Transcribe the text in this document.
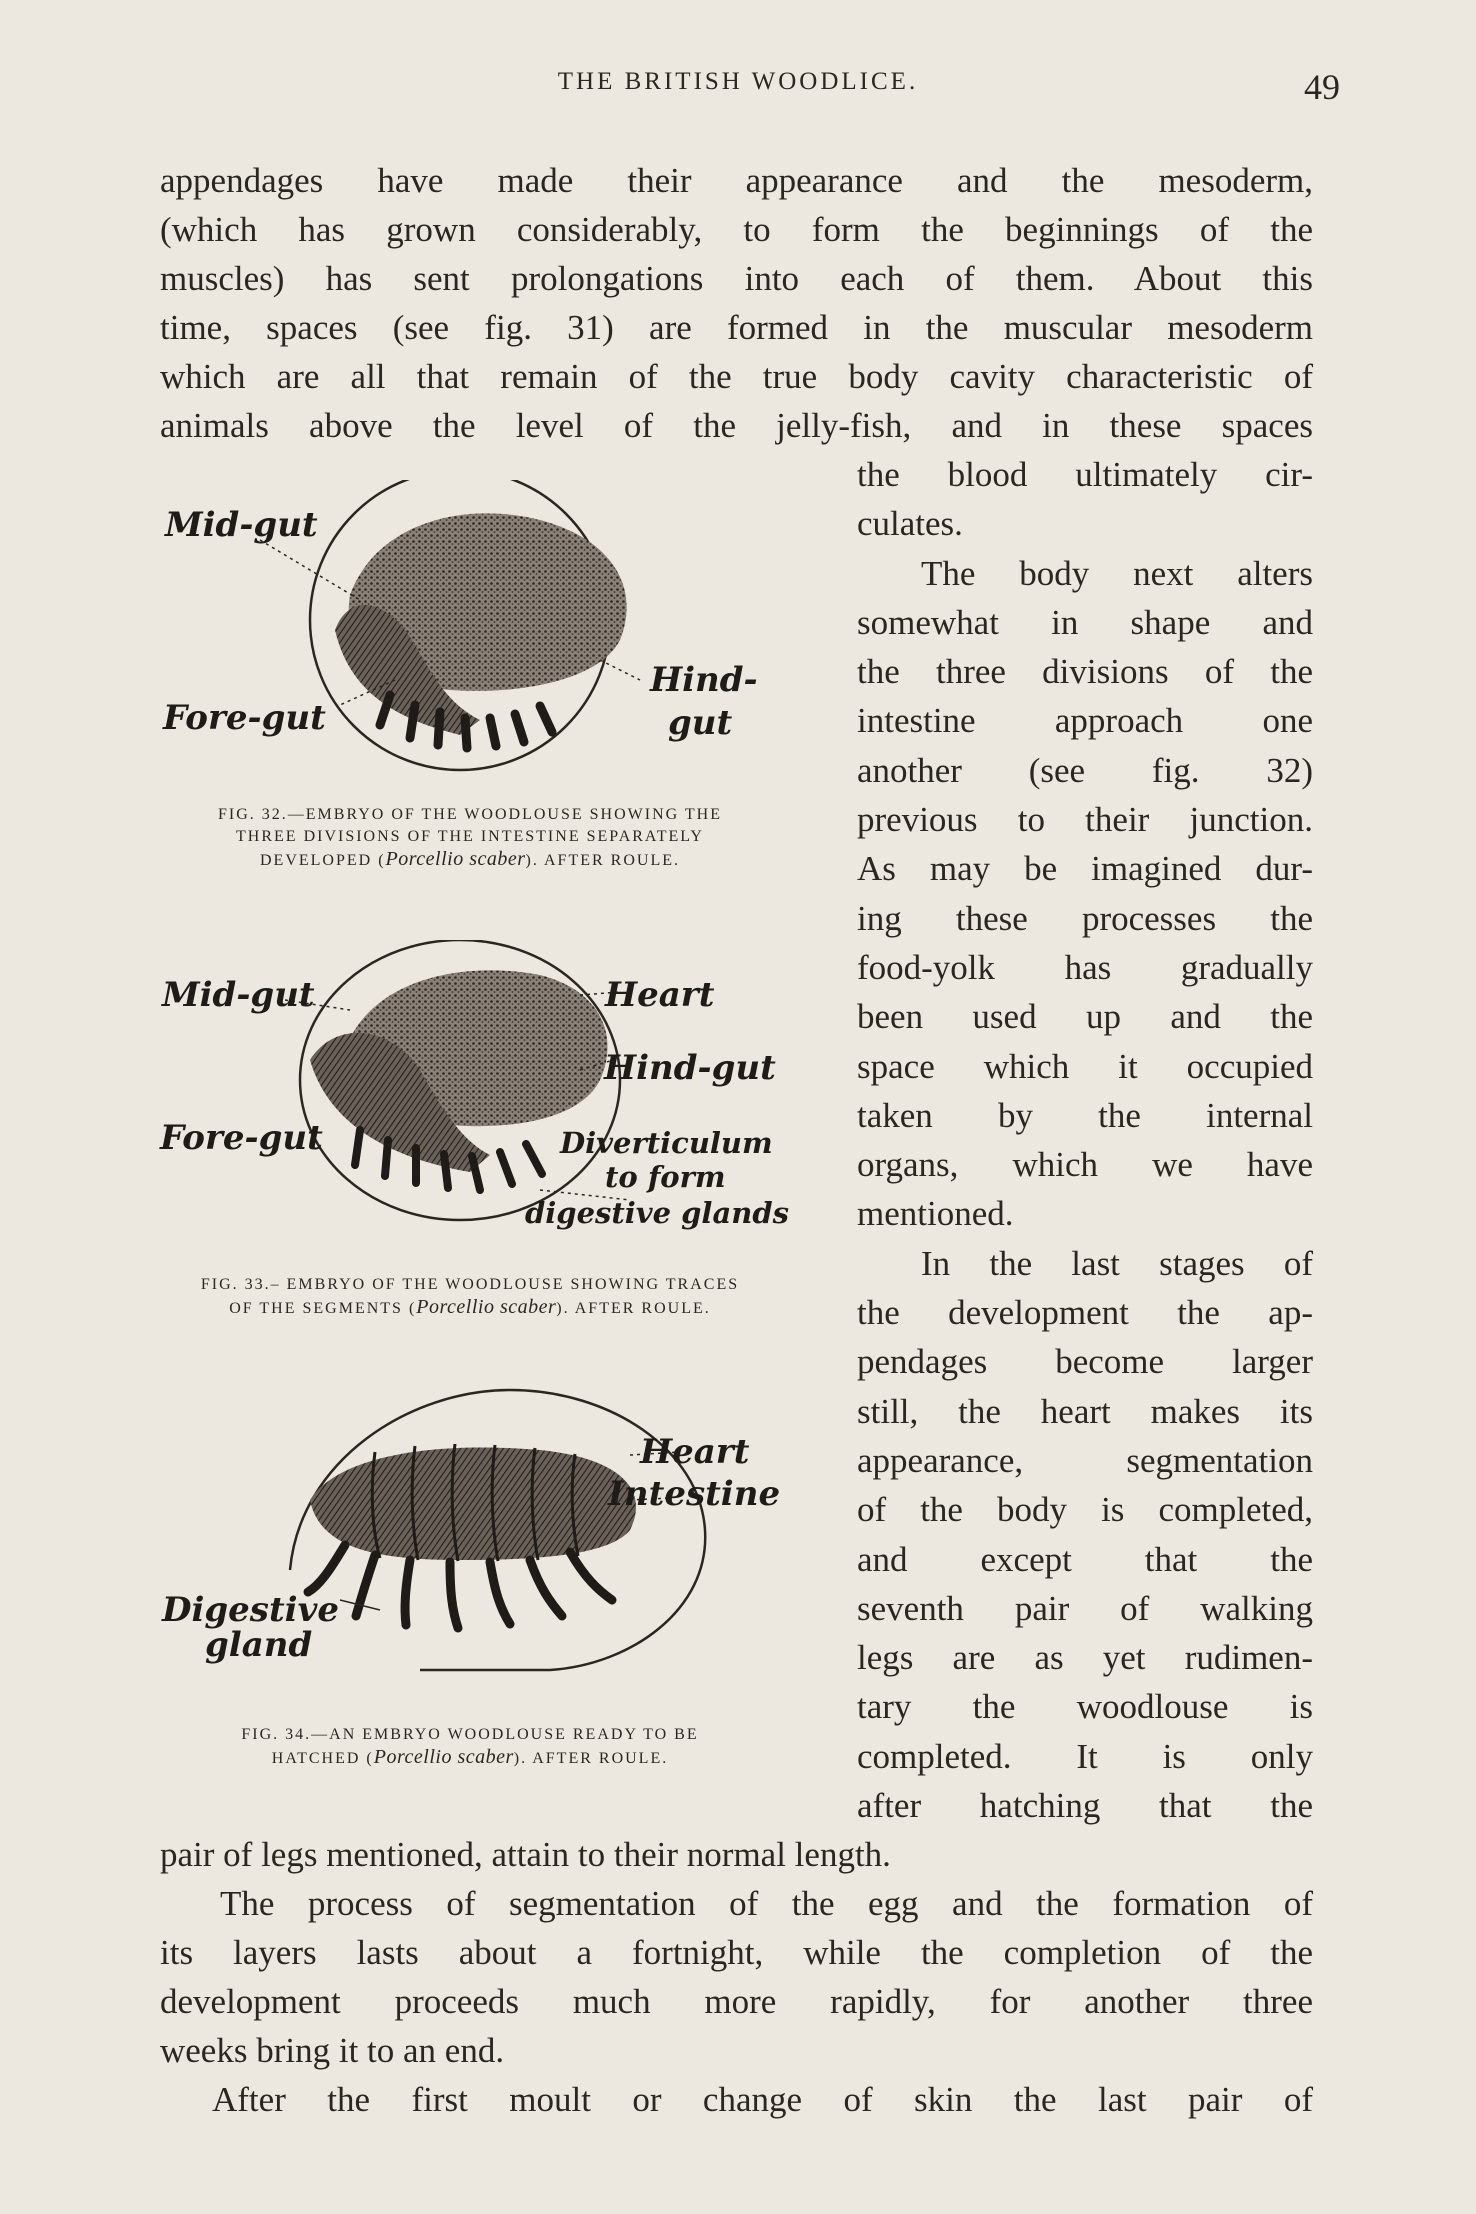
THE BRITISH WOODLICE.	49

appendages have made their appearance and the mesoderm,

(which has grown considerably, to form the beginnings of the

muscles) has sent prolongations into each of them. About this

time, spaces (see fig. 31) are formed in the muscular mesoderm

which are all that remain of the true body cavity characteristic of

animals above the level of the jelly-fish, and in these spaces

the blood ultimately cir-
culates.
The body next alters
somewhat in shape and
the three divisions of the
intestine approach one
another (see fig. 32)
previous to their junction.
As may be imagined dur-
ing these processes the
food-yolk has gradually
been used up and the
space which it occupied
taken by the internal
organs, which we have
mentioned.
In the last stages of
the development the ap-
pendages become larger
still, the heart makes its
appearance, segmentation
of the body is completed,
and except that the
seventh pair of walking
legs are as yet rudimen-
tary the woodlouse is
completed. It is only
after hatching that the
Mid-gut
Fore-gut
Hind-
gut
FIG. 32.—EMBRYO OF THE WOODLOUSE SHOWING THE
THREE DIVISIONS OF THE INTESTINE SEPARATELY
DEVELOPED (Porcellio scaber). AFTER ROULE.
Mid-gut
Fore-gut
Heart
Hind-gut
Diverticulum
to form
digestive glands
FIG. 33.– EMBRYO OF THE WOODLOUSE SHOWING TRACES
OF THE SEGMENTS (Porcellio scaber). AFTER ROULE.
Heart
Intestine
Digestive
gland
FIG. 34.—AN EMBRYO WOODLOUSE READY TO BE
HATCHED (Porcellio scaber). AFTER ROULE.

pair of legs mentioned, attain to their normal length.

The process of segmentation of the egg and the formation of

its layers lasts about a fortnight, while the completion of the

development proceeds much more rapidly, for another three

weeks bring it to an end.

After the first moult or change of skin the last pair of
